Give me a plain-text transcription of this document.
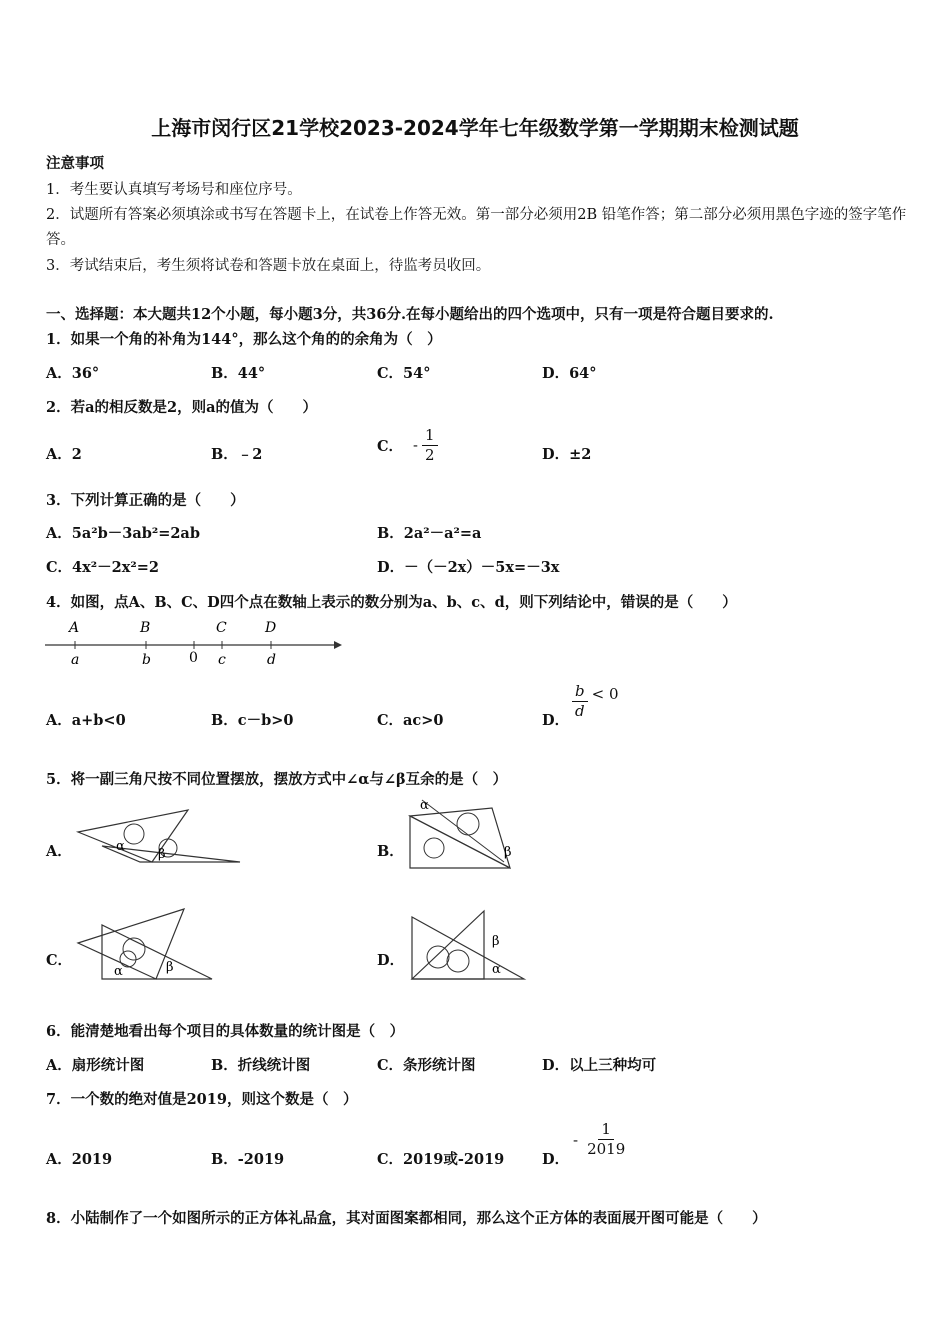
上海市闵行区21学校2023-2024学年七年级数学第一学期期末检测试题
注意事项
1．考生要认真填写考场号和座位序号。
2．试题所有答案必须填涂或书写在答题卡上，在试卷上作答无效。第一部分必须用2B 铅笔作答；第二部分必须用黑色字迹的签字笔作答。
3．考试结束后，考生须将试卷和答题卡放在桌面上，待监考员收回。
一、选择题：本大题共12个小题，每小题3分，共36分.在每小题给出的四个选项中，只有一项是符合题目要求的.
1．如果一个角的补角为144°，那么这个角的的余角为（　）
A．36°	B．44°	C．54°	D．64°
2．若a的相反数是2，则a的值为（　　）
A．2	B．﹣2	C． - $\frac{1}{2}$	D．±2
3．下列计算正确的是（　　）
A．5a²b－3ab²=2ab	B．2a²－a²=a
C．4x²－2x²=2	D．－（－2x）－5x=－3x
4．如图，点A、B、C、D四个点在数轴上表示的数分别为a、b、c、d，则下列结论中，错误的是（　　）
A	B	C	D
a	b	0 c	d
A．a+b<0	B．c－b>0	C．ac>0	D．
$\frac{b}{d} < 0$
5．将一副三角尺按不同位置摆放，摆放方式中∠α与∠β互余的是（　）
A．	α
β	B．
α
β
C．
α	β	D．
β
α
6．能清楚地看出每个项目的具体数量的统计图是（　）
A．扇形统计图	B．折线统计图	C．条形统计图	D．以上三种均可
7．一个数的绝对值是2019，则这个数是（　）
A．2019	B．-2019	C．2019或-2019	D．
- $\frac{1}{2019}$
8．小陆制作了一个如图所示的正方体礼品盒，其对面图案都相同，那么这个正方体的表面展开图可能是（　　）
